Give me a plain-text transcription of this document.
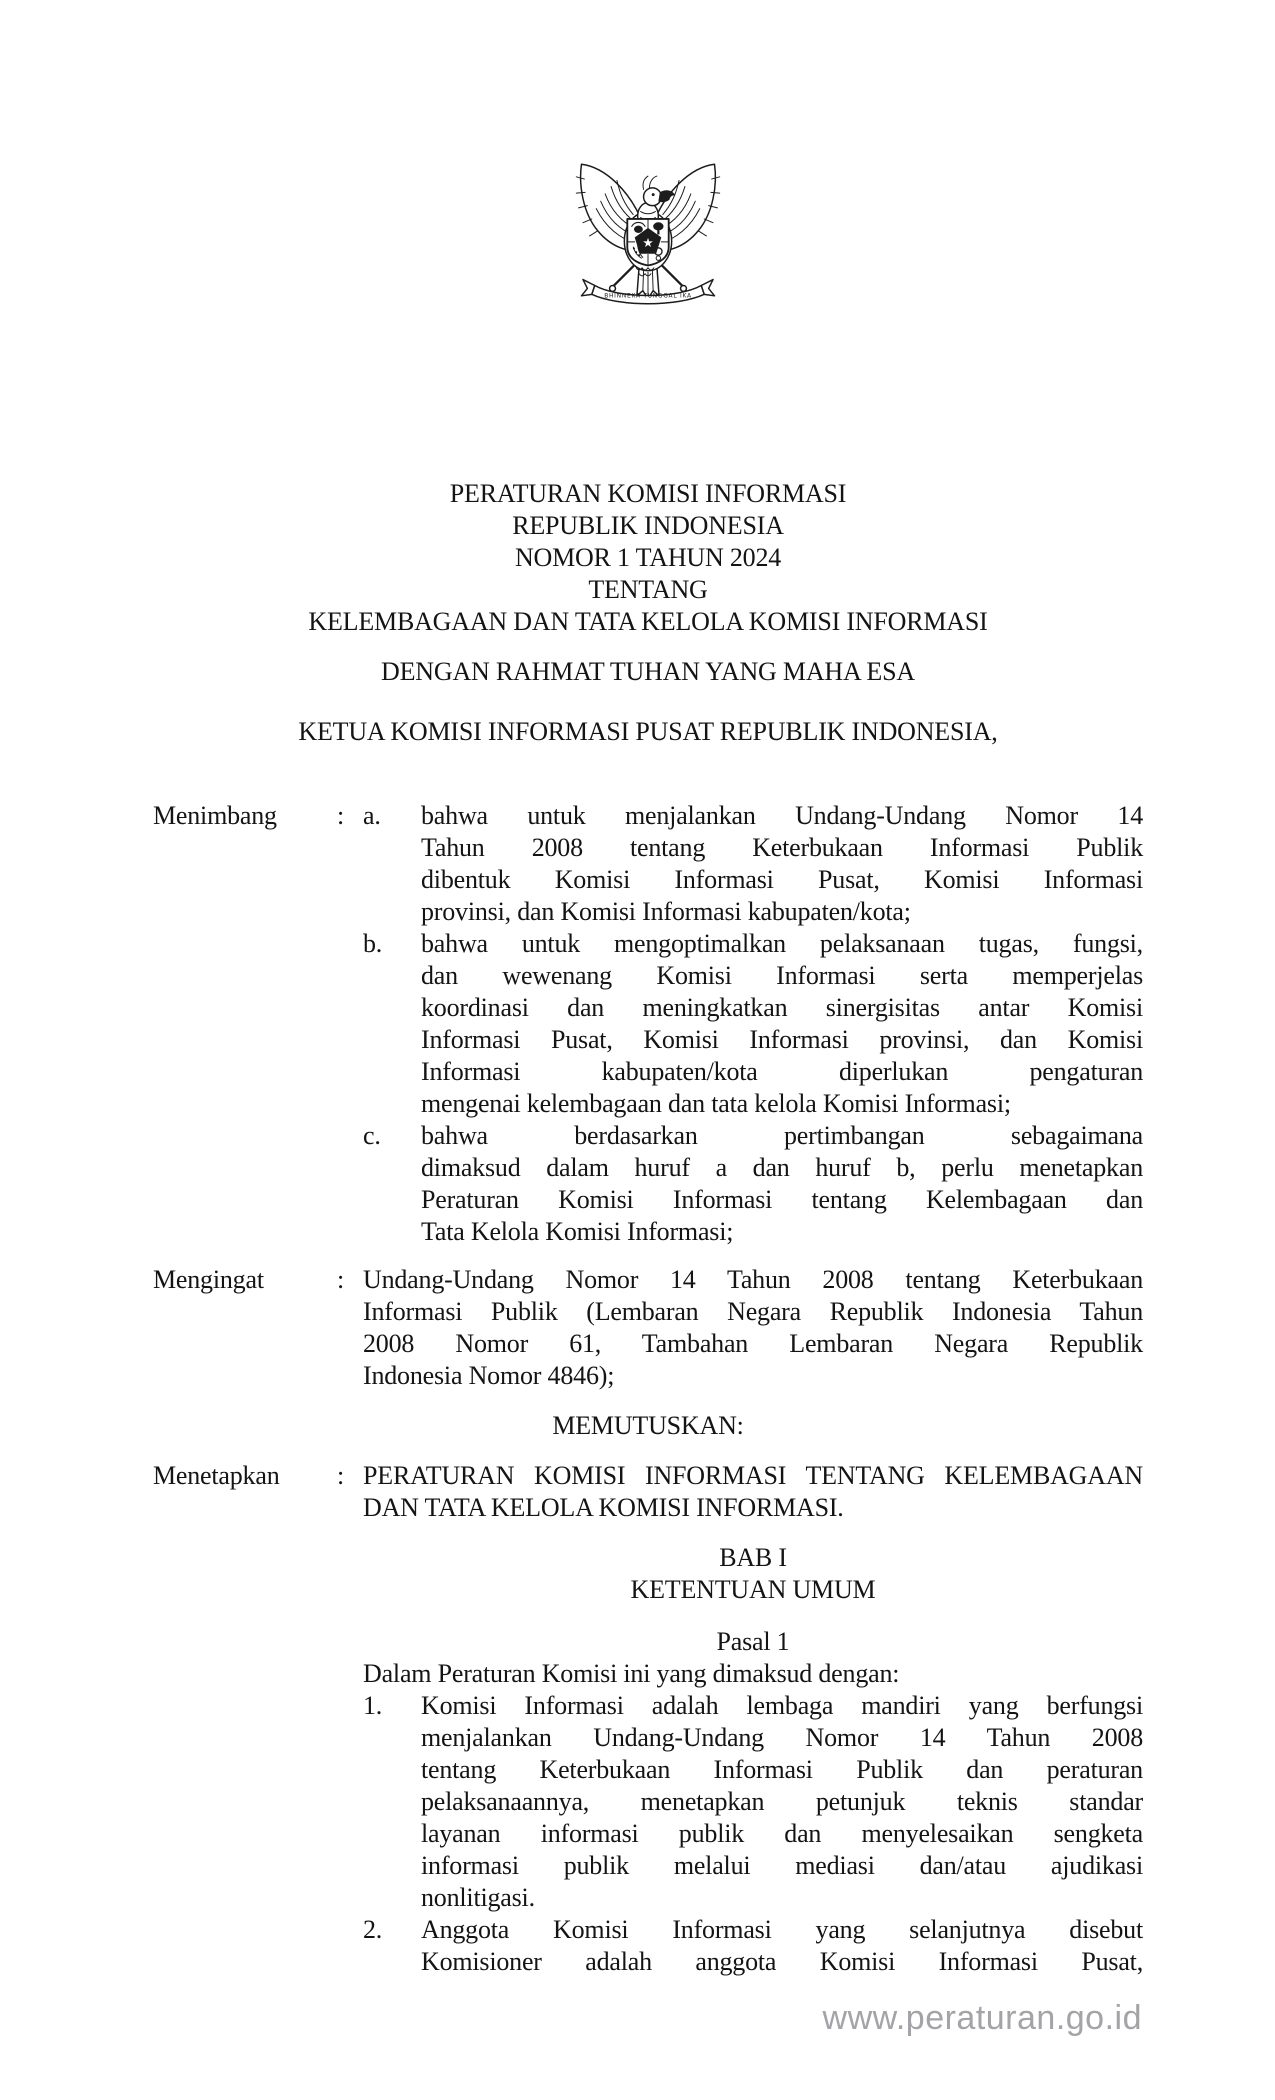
BHINNEKA TUNGGAL IKA
★
PERATURAN KOMISI INFORMASI
REPUBLIK INDONESIA
NOMOR 1 TAHUN 2024
TENTANG
KELEMBAGAAN DAN TATA KELOLA KOMISI INFORMASI
DENGAN RAHMAT TUHAN YANG MAHA ESA
KETUA KOMISI INFORMASI PUSAT REPUBLIK INDONESIA,
Menimbang	: a.	bahwa untuk menjalankan Undang-Undang Nomor 14
Tahun 2008 tentang Keterbukaan Informasi Publik
dibentuk Komisi Informasi Pusat, Komisi Informasi
provinsi, dan Komisi Informasi kabupaten/kota;
b.	bahwa untuk mengoptimalkan pelaksanaan tugas, fungsi,
dan wewenang Komisi Informasi serta memperjelas
koordinasi dan meningkatkan sinergisitas antar Komisi
Informasi Pusat, Komisi Informasi provinsi, dan Komisi
Informasi kabupaten/kota diperlukan pengaturan
mengenai kelembagaan dan tata kelola Komisi Informasi;
c.	bahwa berdasarkan pertimbangan sebagaimana
dimaksud dalam huruf a dan huruf b, perlu menetapkan
Peraturan Komisi Informasi tentang Kelembagaan dan
Tata Kelola Komisi Informasi;
Mengingat	: Undang-Undang Nomor 14 Tahun 2008 tentang Keterbukaan
Informasi Publik (Lembaran Negara Republik Indonesia Tahun
2008 Nomor 61, Tambahan Lembaran Negara Republik
Indonesia Nomor 4846);
MEMUTUSKAN:
Menetapkan	: PERATURAN KOMISI INFORMASI TENTANG KELEMBAGAAN
DAN TATA KELOLA KOMISI INFORMASI.
BAB I
KETENTUAN UMUM
Pasal 1
Dalam Peraturan Komisi ini yang dimaksud dengan:
1.	Komisi Informasi adalah lembaga mandiri yang berfungsi
menjalankan Undang-Undang Nomor 14 Tahun 2008
tentang Keterbukaan Informasi Publik dan peraturan
pelaksanaannya, menetapkan petunjuk teknis standar
layanan informasi publik dan menyelesaikan sengketa
informasi publik melalui mediasi dan/atau ajudikasi
nonlitigasi.
2.	Anggota Komisi Informasi yang selanjutnya disebut
Komisioner adalah anggota Komisi Informasi Pusat,
www.peraturan.go.id
